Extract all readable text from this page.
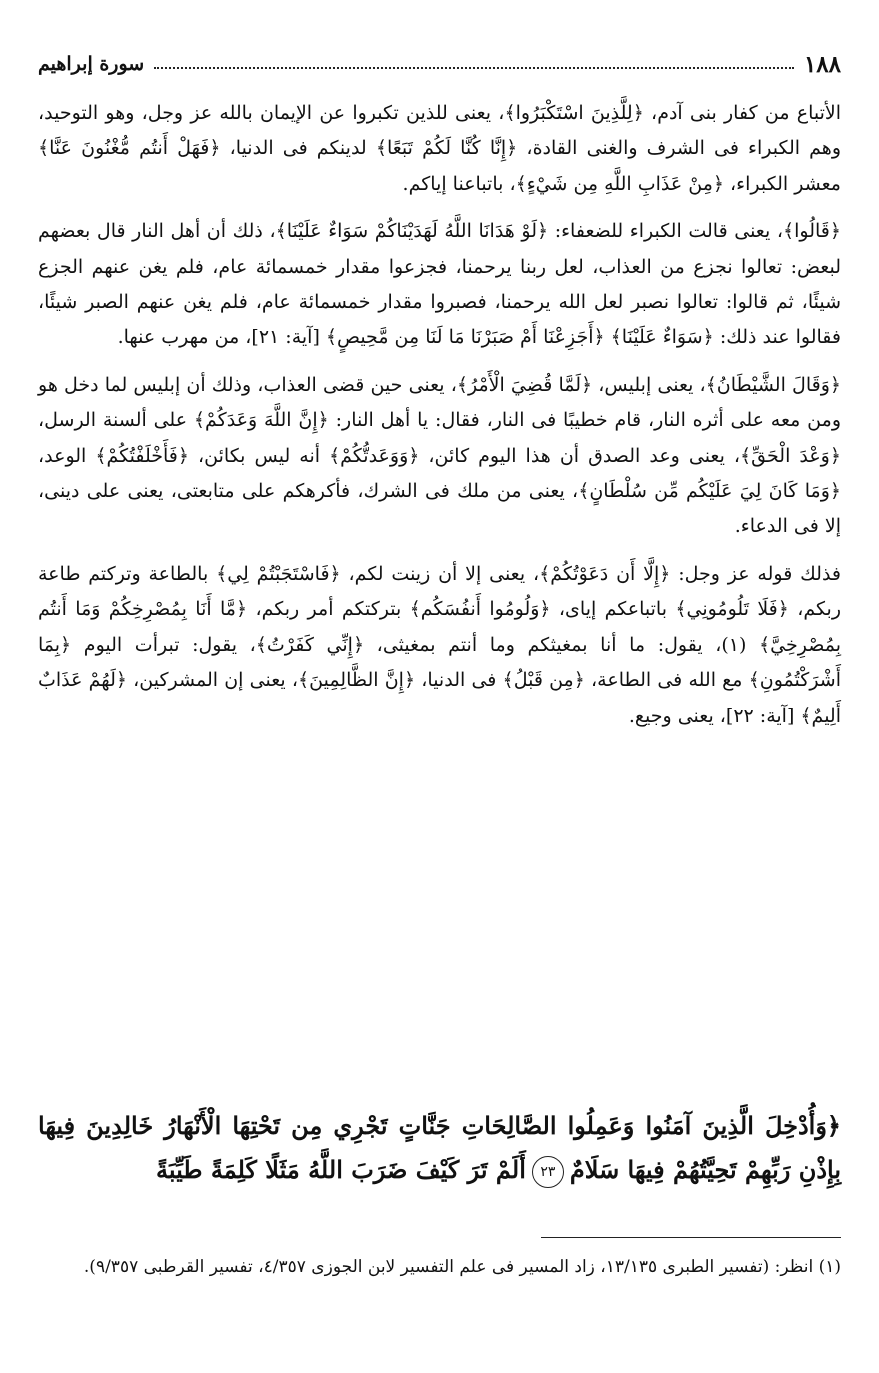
١٨٨
سورة إبراهيم

الأتباع من كفار بنى آدم، ﴿لِلَّذِينَ اسْتَكْبَرُوا﴾، يعنى للذين تكبروا عن الإيمان بالله عز وجل، وهو التوحيد، وهم الكبراء فى الشرف والغنى القادة، ﴿إِنَّا كُنَّا لَكُمْ تَبَعًا﴾ لدينكم فى الدنيا، ﴿فَهَلْ أَنتُم مُّغْنُونَ عَنَّا﴾ معشر الكبراء، ﴿مِنْ عَذَابِ اللَّهِ مِن شَيْءٍ﴾، باتباعنا إياكم.

﴿قَالُوا﴾، يعنى قالت الكبراء للضعفاء: ﴿لَوْ هَدَانَا اللَّهُ لَهَدَيْنَاكُمْ سَوَاءٌ عَلَيْنَا﴾، ذلك أن أهل النار قال بعضهم لبعض: تعالوا نجزع من العذاب، لعل ربنا يرحمنا، فجزعوا مقدار خمسمائة عام، فلم يغن عنهم الجزع شيئًا، ثم قالوا: تعالوا نصبر لعل الله يرحمنا، فصبروا مقدار خمسمائة عام، فلم يغن عنهم الصبر شيئًا، فقالوا عند ذلك: ﴿سَوَاءٌ عَلَيْنَا﴾ ﴿أَجَزِعْنَا أَمْ صَبَرْنَا مَا لَنَا مِن مَّحِيصٍ﴾ [آية: ٢١]، من مهرب عنها.

﴿وَقَالَ الشَّيْطَانُ﴾، يعنى إبليس، ﴿لَمَّا قُضِيَ الْأَمْرُ﴾، يعنى حين قضى العذاب، وذلك أن إبليس لما دخل هو ومن معه على أثره النار، قام خطيبًا فى النار، فقال: يا أهل النار: ﴿إِنَّ اللَّهَ وَعَدَكُمْ﴾ على ألسنة الرسل، ﴿وَعْدَ الْحَقِّ﴾، يعنى وعد الصدق أن هذا اليوم كائن، ﴿وَوَعَدتُّكُمْ﴾ أنه ليس بكائن، ﴿فَأَخْلَفْتُكُمْ﴾ الوعد، ﴿وَمَا كَانَ لِيَ عَلَيْكُم مِّن سُلْطَانٍ﴾، يعنى من ملك فى الشرك، فأكرهكم على متابعتى، يعنى على دينى، إلا فى الدعاء.

فذلك قوله عز وجل: ﴿إِلَّا أَن دَعَوْتُكُمْ﴾، يعنى إلا أن زينت لكم، ﴿فَاسْتَجَبْتُمْ لِي﴾ بالطاعة وتركتم طاعة ربكم، ﴿فَلَا تَلُومُونِي﴾ باتباعكم إياى، ﴿وَلُومُوا أَنفُسَكُم﴾ بتركتكم أمر ربكم، ﴿مَّا أَنَا بِمُصْرِخِكُمْ وَمَا أَنتُم بِمُصْرِخِيَّ﴾ (١)، يقول: ما أنا بمغيثكم وما أنتم بمغيثى، ﴿إِنِّي كَفَرْتُ﴾، يقول: تبرأت اليوم ﴿بِمَا أَشْرَكْتُمُونِ﴾ مع الله فى الطاعة، ﴿مِن قَبْلُ﴾ فى الدنيا، ﴿إِنَّ الظَّالِمِينَ﴾، يعنى إن المشركين، ﴿لَهُمْ عَذَابٌ أَلِيمٌ﴾ [آية: ٢٢]، يعنى وجيع.

﴿وَأُدْخِلَ الَّذِينَ آمَنُوا وَعَمِلُوا الصَّالِحَاتِ جَنَّاتٍ تَجْرِي مِن تَحْتِهَا الْأَنْهَارُ خَالِدِينَ فِيهَا بِإِذْنِ رَبِّهِمْ تَحِيَّتُهُمْ فِيهَا سَلَامٌ٢٣أَلَمْ تَرَ كَيْفَ ضَرَبَ اللَّهُ مَثَلًا كَلِمَةً طَيِّبَةً

(١) انظر: (تفسير الطبرى ١٣/١٣٥، زاد المسير فى علم التفسير لابن الجوزى ٤/٣٥٧، تفسير القرطبى ٩/٣٥٧).
